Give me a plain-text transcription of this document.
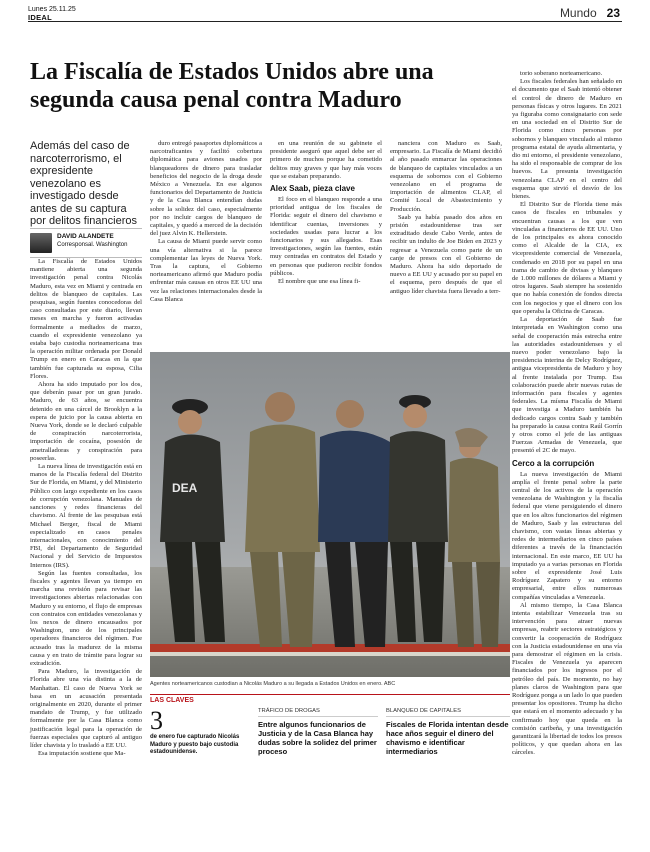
Lunes 25.11.25
IDEAL	Mundo 23
La Fiscalía de Estados Unidos abre una segunda causa penal contra Maduro

Además del caso de narcoterrorismo, el expresidente venezolano es investigado desde antes de su captura por delitos financieros

DAVID ALANDETE
Corresponsal. Washington

La Fiscalía de Estados Unidos mantiene abierta una segunda investigación penal contra Nicolás Maduro, esta vez en Miami y centrada en delitos de blanqueo de capitales. Las pesquisas, según fuentes conocedoras del caso consultadas por este diario, llevan meses en marcha y fueron activadas formalmente a mediados de marzo, cuando el expresidente venezolano ya estaba bajo custodia norteamericana tras la operación militar ordenada por Donald Trump en enero en Caracas en la que también fue capturada su esposa, Cilia Flores.

Ahora ha sido imputado por los dos, que deberán pasar por un gran jurado. Maduro, de 63 años, se encuentra detenido en una cárcel de Brooklyn a la espera de juicio por la causa abierta en Nueva York, donde se le declaró culpable de conspiración narcoterrorista, importación de cocaína, posesión de ametralladoras y conspiración para poseerlas.

La nueva línea de investigación está en manos de la Fiscalía federal del Distrito Sur de Florida, en Miami, y del Ministerio Público con largo expediente en los casos de corrupción venezolana. Manuales de sanciones y redes financieras del chavismo. Al frente de las pesquisas está Michael Berger, fiscal de Miami especializado en casos penales internacionales, con conocimiento del FBI, del Departamento de Seguridad Nacional y del Servicio de Impuestos Internos (IRS).

Según las fuentes consultadas, los fiscales y agentes llevan ya tiempo en marcha una revisión para revisar las investigaciones abiertas relacionadas con Maduro y su entorno, el flujo de empresas con contratos con entidades venezolanas y los nexos de dinero encausados por Washington, uno de los principales operadores financieros del régimen. Fue acusado tras la madurez de la misma causa y en trato de trámite para lograr su extradición.

Para Maduro, la investigación de Florida abre una vía distinta a la de Manhattan. El caso de Nueva York se basa en un acusación presentada originalmente en 2020, durante el primer mandato de Trump, y fue utilizado formalmente por la Casa Blanca como justificación legal para la operación de fuerzas especiales que capturó al antiguo líder chavista y lo trasladó a EE UU.

Esa imputación sostiene que Ma-

duro entregó pasaportes diplomáticos a narcotraficantes y facilitó cobertura diplomática para aviones usados por blanqueadores de dinero para trasladar beneficios del negocio de la droga desde México a Venezuela. En ese algunos funcionarios del Departamento de Justicia y de la Casa Blanca entendían dudas sobre la solidez del caso, especialmente por no incluir cargos de blanqueo de capitales, y quedó a merced de la decisión del juez Alvin K. Hellerstein.

La causa de Miami puede servir como una vía alternativa si la parece complementar las leyes de Nueva York. Tras la captura, el Gobierno norteamericano afirmó que Maduro podía enfrentar más causas en otros EE UU una vez las relaciones internacionales desde la Casa Blanca

en una reunión de su gabinete el presidente aseguró que aquel debe ser el primero de muchos porque ha cometido delitos muy graves y que hay más voces que se estaban preparando.

Alex Saab, pieza clave

El foco en el blanqueo responde a una prioridad antigua de los fiscales de Florida: seguir el dinero del chavismo e identificar cuentas, inversiones y sociedades usadas para lucrar a los funcionarios y sus allegados. Esas investigaciones, según las fuentes, están muy centradas en contratos del Estado y en personas que pudieron recibir fondos públicos.

El nombre que une esa línea fi-

nanciera con Maduro es Saab, empresario. La Fiscalía de Miami decidió al año pasado enmarcar las operaciones de blanqueo de capitales vinculados a un esquema de sobornos con el Gobierno venezolano en el programa de importación de alimentos CLAP, el Comité Local de Abastecimiento y Producción.

Saab ya había pasado dos años en prisión estadounidense tras ser extraditado desde Cabo Verde, antes de recibir un indulto de Joe Biden en 2023 y regresar a Venezuela como parte de un canje de presos con el Gobierno de Maduro. Ahora ha sido deportado de nuevo a EE UU y acusado por su papel en el esquema, pero después de que el antiguo líder chavista fuera llevado a terr-

torio soberano norteamericano.

Los fiscales federales han señalado en el documento que el Saab intentó obtener el control de dinero de Maduro en personas físicas y otros lugares. En 2021 ya figuraba como consignatario con sede en una sociedad en el Distrito Sur de Florida como cinco personas por sobornos y blanqueo vinculado al mismo programa estatal de ayuda alimentaria, y dio mi entorno, el presidente venezolano, ha sido el responsable de comprar de los huevos. La presunta investigación venezolana CLAP en el centro del esquema que sirvió el desvío de los bienes.

El Distrito Sur de Florida tiene más casos de fiscales en tribunales y encuentran causas a los que ven vinculadas a financieros de EE UU. Uno de los principales es ahora conocido como el Alcalde de la CIA, ex vicepresidente comercial de Venezuela, condenado en 2018 por su papel en una trama de cambio de divisas y blanqueo de 1.000 millones de dólares a Miami y otros lugares. Saab siempre ha sostenido que no había conexión de fondos directa con los negocios y que el dinero con los que operaba la Oficina de Caracas.

La deportación de Saab fue interpretada en Washington como una señal de cooperación más estrecha entre las autoridades estadounidenses y el nuevo poder venezolano bajo la presidencia interina de Delcy Rodríguez, antigua vicepresidenta de Maduro y hoy al frente instalada por Trump. Esa colaboración puede abrir nuevas rutas de información para fiscales y agentes federales. La mísma Fiscalía de Miami que investiga a Maduro también ha dedicado cargos contra Saab y también ha preparado la causa contra Raúl Gorrín y otros como el jefe de las antiguas Fuerzas Armadas de Venezuela, que presentó el 2C de mayo.

Cerco a la corrupción

La nueva investigación de Miami amplía el frente penal sobre la parte central de los activos de la operación venezolana de Washington y la fiscalía federal que viene persiguiendo el dinero que en los altos funcionarios del régimen de Maduro, Saab y las estructuras del chavismo, con vastas líneas abiertas y redes de intermediarios en cinco países diferentes a través de la financiación internacional. En este marco, EE UU ha imputado ya a varias personas en Florida sobre el expresidente José Luis Rodríguez Zapatero y su entorno empresarial, entre ellos numerosas compañías vinculadas a Venezuela.

Al mismo tiempo, la Casa Blanca intenta estabilizar Venezuela tras su intervención para atraer nuevas empresas, reabrir sectores estratégicos y convertir la cooperación de Rodríguez con la Justicia estadounidense en una vía para demostrar el régimen en la crisis. Fiscales de Venezuela ya aparecen financiados por los ingresos por el petróleo del país. De momento, no hay planes claros de Washington para que Rodríguez ponga a un lado lo que pueden presentar los opositores. Trump ha dicho que estará en el momento adecuado y ha confirmado hoy que queda en la comisión caribeña, y una investigación garantizará la libertad de todos los presos políticos, y que quedan ahora en las cárceles.

DEA
Agentes norteamericanos custodian a Nicolás Maduro a su llegada a Estados Unidos en enero. ABC
LAS CLAVES
3
de enero fue capturado Nicolás Maduro y puesto bajo custodia estadounidense.
TRÁFICO DE DROGAS
Entre algunos funcionarios de Justicia y de la Casa Blanca hay dudas sobre la solidez del primer proceso
BLANQUEO DE CAPITALES
Fiscales de Florida intentan desde hace años seguir el dinero del chavismo e identificar intermediarios
